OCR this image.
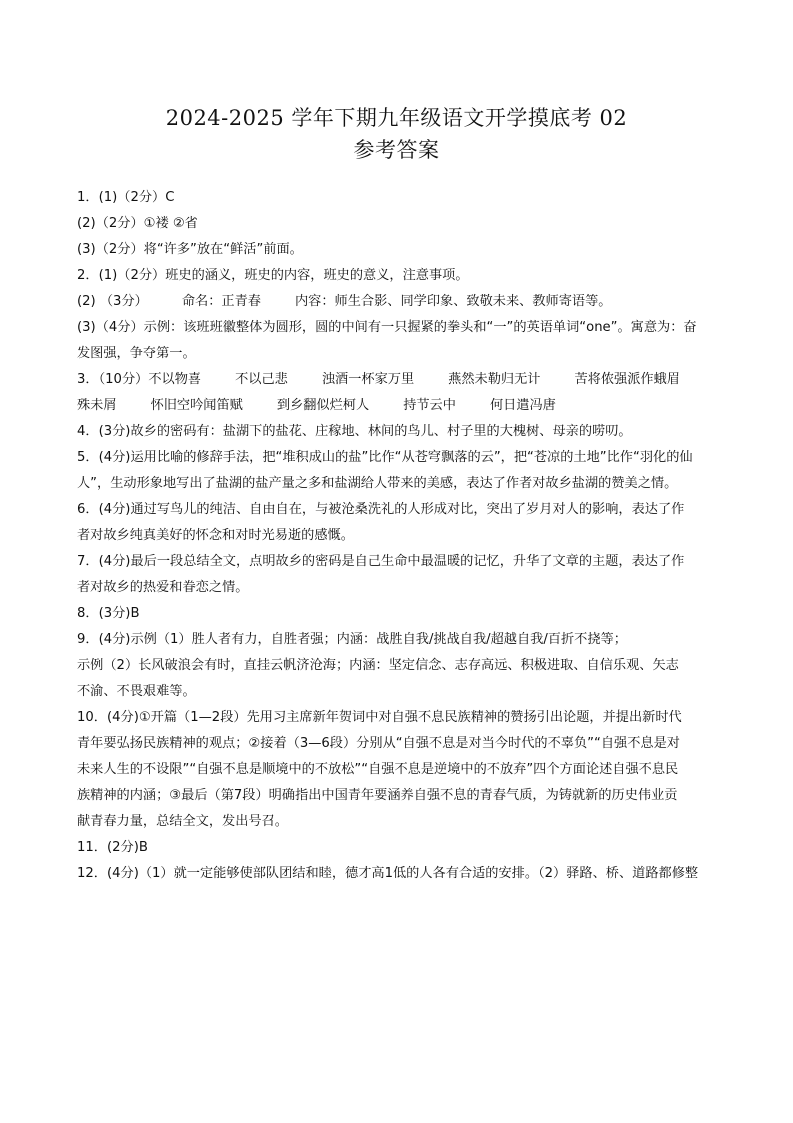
2024-2025 学年下期九年级语文开学摸底考 02
参考答案
1．(1)（2分）C
(2)（2分）①褛 ②省
(3)（2分）将“许多”放在“鲜活”前面。
2．(1)（2分）班史的涵义，班史的内容，班史的意义，注意事项。
(2) （3分）	命名：正青春	内容：师生合影、同学印象、致敬未来、教师寄语等。
(3)（4分）示例：该班班徽整体为圆形，圆的中间有一只握紧的拳头和“一”的英语单词“one”。寓意为：奋
发图强，争夺第一。
3．（10分）不以物喜	不以己悲	浊酒一杯家万里	燕然未勒归无计	苦将侬强派作蛾眉
殊未屑	怀旧空吟闻笛赋	到乡翻似烂柯人	持节云中	何日遣冯唐
4．(3分)故乡的密码有：盐湖下的盐花、庄稼地、林间的鸟儿、村子里的大槐树、母亲的唠叨。
5．(4分)运用比喻的修辞手法，把“堆积成山的盐”比作“从苍穹飘落的云”，把“苍凉的土地”比作“羽化的仙
人”，生动形象地写出了盐湖的盐产量之多和盐湖给人带来的美感，表达了作者对故乡盐湖的赞美之情。
6．(4分)通过写鸟儿的纯洁、自由自在，与被沧桑洗礼的人形成对比，突出了岁月对人的影响，表达了作
者对故乡纯真美好的怀念和对时光易逝的感慨。
7．(4分)最后一段总结全文，点明故乡的密码是自己生命中最温暖的记忆，升华了文章的主题，表达了作
者对故乡的热爱和眷恋之情。
8．(3分)B
9．(4分)示例（1）胜人者有力，自胜者强；内涵：战胜自我/挑战自我/超越自我/百折不挠等；
示例（2）长风破浪会有时，直挂云帆济沧海；内涵：坚定信念、志存高远、积极进取、自信乐观、矢志
不渝、不畏艰难等。
10．(4分)①开篇（1—2段）先用习主席新年贺词中对自强不息民族精神的赞扬引出论题，并提出新时代
青年要弘扬民族精神的观点；②接着（3—6段）分别从“自强不息是对当今时代的不辜负”“自强不息是对
未来人生的不设限”“自强不息是顺境中的不放松”“自强不息是逆境中的不放弃”四个方面论述自强不息民
族精神的内涵；③最后（第7段）明确指出中国青年要涵养自强不息的青春气质，为铸就新的历史伟业贡
献青春力量，总结全文，发出号召。
11．(2分)B
12．(4分)（1）就一定能够使部队团结和睦，德才高1低的人各有合适的安排。（2）驿路、桥、道路都修整
